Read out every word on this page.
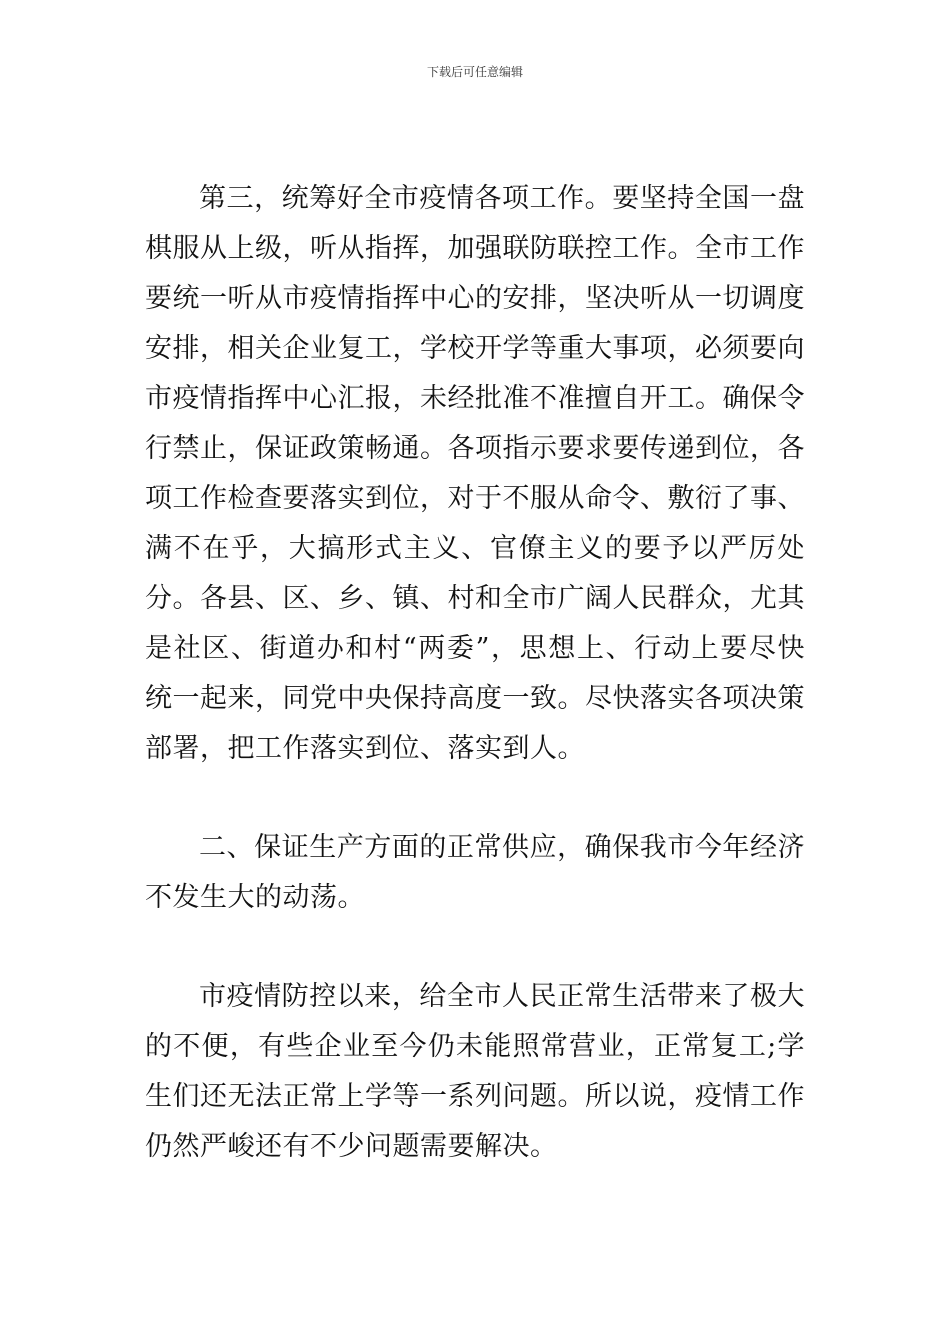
下载后可任意编辑

第三，统筹好全市疫情各项工作。要坚持全国一盘棋服从上级，听从指挥，加强联防联控工作。全市工作要统一听从市疫情指挥中心的安排，坚决听从一切调度安排，相关企业复工，学校开学等重大事项，必须要向市疫情指挥中心汇报，未经批准不准擅自开工。确保令行禁止，保证政策畅通。各项指示要求要传递到位，各项工作检查要落实到位，对于不服从命令、敷衍了事、满不在乎，大搞形式主义、官僚主义的要予以严厉处分。各县、区、乡、镇、村和全市广阔人民群众，尤其是社区、街道办和村“两委”，思想上、行动上要尽快统一起来，同党中央保持高度一致。尽快落实各项决策部署，把工作落实到位、落实到人。

二、保证生产方面的正常供应，确保我市今年经济不发生大的动荡。

市疫情防控以来，给全市人民正常生活带来了极大的不便，有些企业至今仍未能照常营业，正常复工;学生们还无法正常上学等一系列问题。所以说，疫情工作仍然严峻还有不少问题需要解决。
